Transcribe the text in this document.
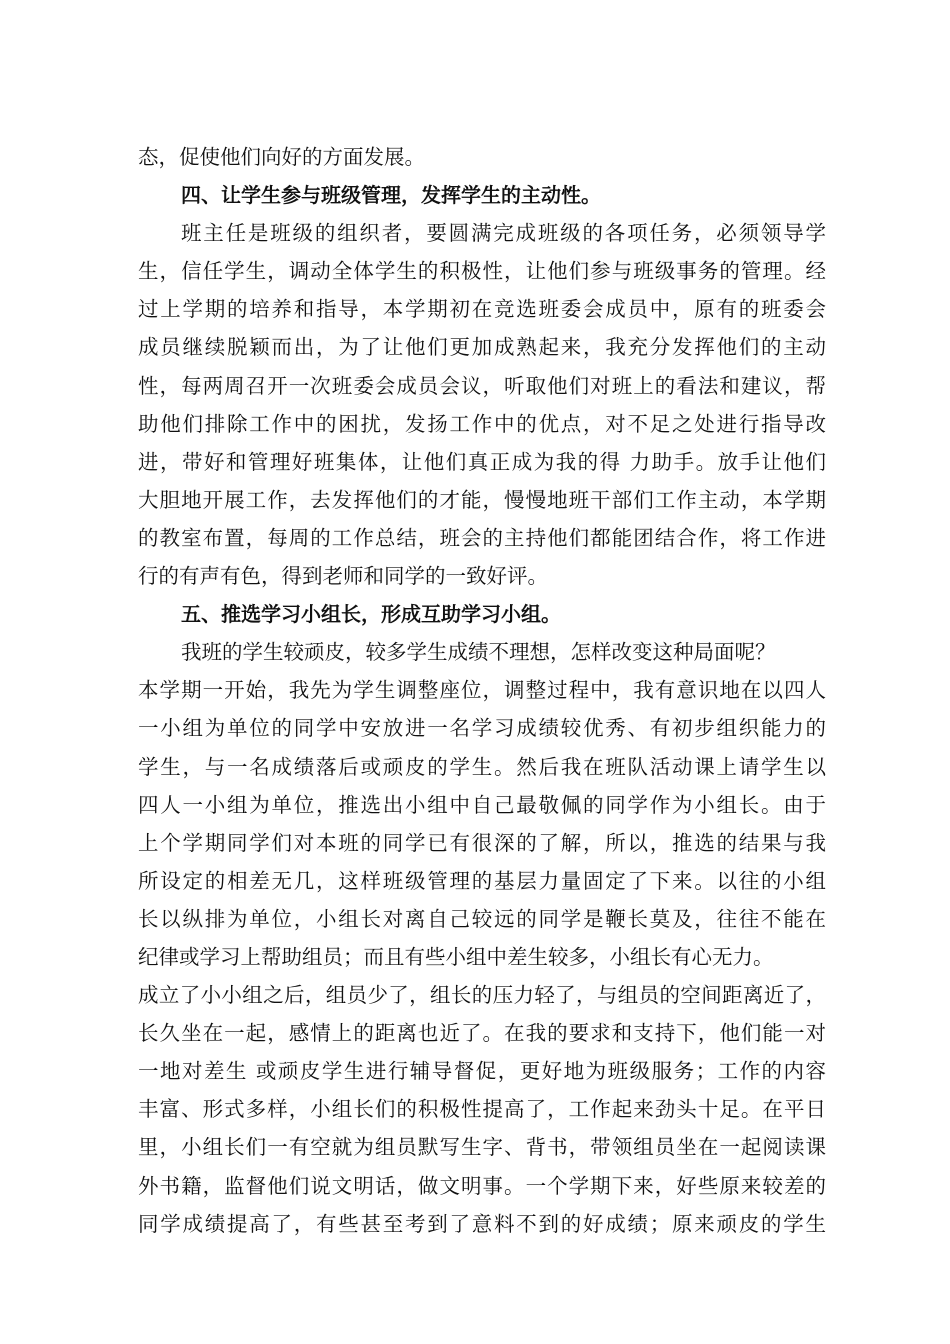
态，促使他们向好的方面发展。
四、让学生参与班级管理，发挥学生的主动性。
班主任是班级的组织者，要圆满完成班级的各项任务，必须领导学
生，信任学生，调动全体学生的积极性，让他们参与班级事务的管理。经
过上学期的培养和指导，本学期初在竞选班委会成员中，原有的班委会
成员继续脱颖而出，为了让他们更加成熟起来，我充分发挥他们的主动
性，每两周召开一次班委会成员会议，听取他们对班上的看法和建议，帮
助他们排除工作中的困扰，发扬工作中的优点，对不足之处进行指导改
进，带好和管理好班集体，让他们真正成为我的得 力助手。放手让他们
大胆地开展工作，去发挥他们的才能，慢慢地班干部们工作主动，本学期
的教室布置，每周的工作总结，班会的主持他们都能团结合作，将工作进
行的有声有色，得到老师和同学的一致好评。
五、推选学习小组长，形成互助学习小组。
我班的学生较顽皮，较多学生成绩不理想，怎样改变这种局面呢？
本学期一开始，我先为学生调整座位，调整过程中，我有意识地在以四人
一小组为单位的同学中安放进一名学习成绩较优秀、有初步组织能力的
学生，与一名成绩落后或顽皮的学生。然后我在班队活动课上请学生以
四人一小组为单位，推选出小组中自己最敬佩的同学作为小组长。由于
上个学期同学们对本班的同学已有很深的了解，所以，推选的结果与我
所设定的相差无几，这样班级管理的基层力量固定了下来。以往的小组
长以纵排为单位，小组长对离自己较远的同学是鞭长莫及，往往不能在
纪律或学习上帮助组员；而且有些小组中差生较多，小组长有心无力。
成立了小小组之后，组员少了，组长的压力轻了，与组员的空间距离近了，
长久坐在一起，感情上的距离也近了。在我的要求和支持下，他们能一对
一地对差生 或顽皮学生进行辅导督促，更好地为班级服务；工作的内容
丰富、形式多样，小组长们的积极性提高了，工作起来劲头十足。在平日
里，小组长们一有空就为组员默写生字、背书，带领组员坐在一起阅读课
外书籍，监督他们说文明话，做文明事。一个学期下来，好些原来较差的
同学成绩提高了，有些甚至考到了意料不到的好成绩；原来顽皮的学生
